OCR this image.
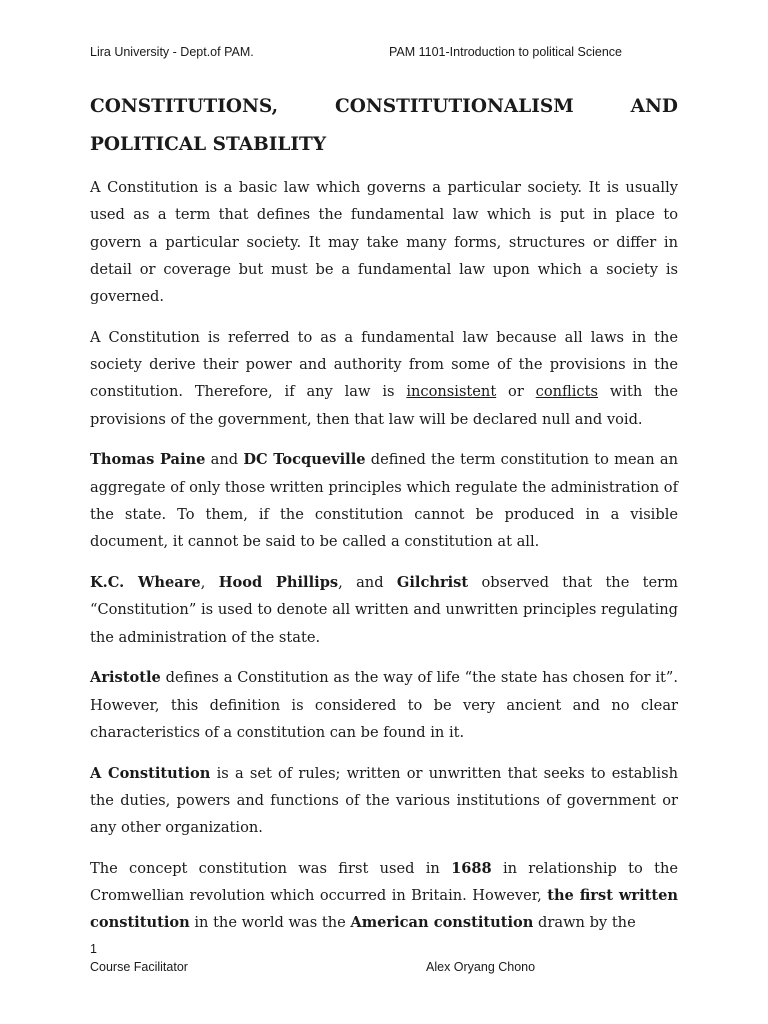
Lira University - Dept.of PAM.	PAM 1101-Introduction to political Science
CONSTITUTIONS,	CONSTITUTIONALISM	AND
POLITICAL STABILITY

A Constitution is a basic law which governs a particular society. It is usually used as a term that defines the fundamental law which is put in place to govern a particular society. It may take many forms, structures or differ in detail or coverage but must be a fundamental law upon which a society is governed.

A Constitution is referred to as a fundamental law because all laws in the society derive their power and authority from some of the provisions in the constitution. Therefore, if any law is inconsistent or conflicts with the provisions of the government, then that law will be declared null and void.

Thomas Paine and DC Tocqueville defined the term constitution to mean an aggregate of only those written principles which regulate the administration of the state. To them, if the constitution cannot be produced in a visible document, it cannot be said to be called a constitution at all.

K.C. Wheare, Hood Phillips, and Gilchrist observed that the term “Constitution” is used to denote all written and unwritten principles regulating the administration of the state.

Aristotle defines a Constitution as the way of life “the state has chosen for it”. However, this definition is considered to be very ancient and no clear characteristics of a constitution can be found in it.

A Constitution is a set of rules; written or unwritten that seeks to establish the duties, powers and functions of the various institutions of government or any other organization.

The concept constitution was first used in 1688 in relationship to the Cromwellian revolution which occurred in Britain. However, the first written constitution in the world was the American constitution drawn by the

1
Course Facilitator	Alex Oryang Chono
